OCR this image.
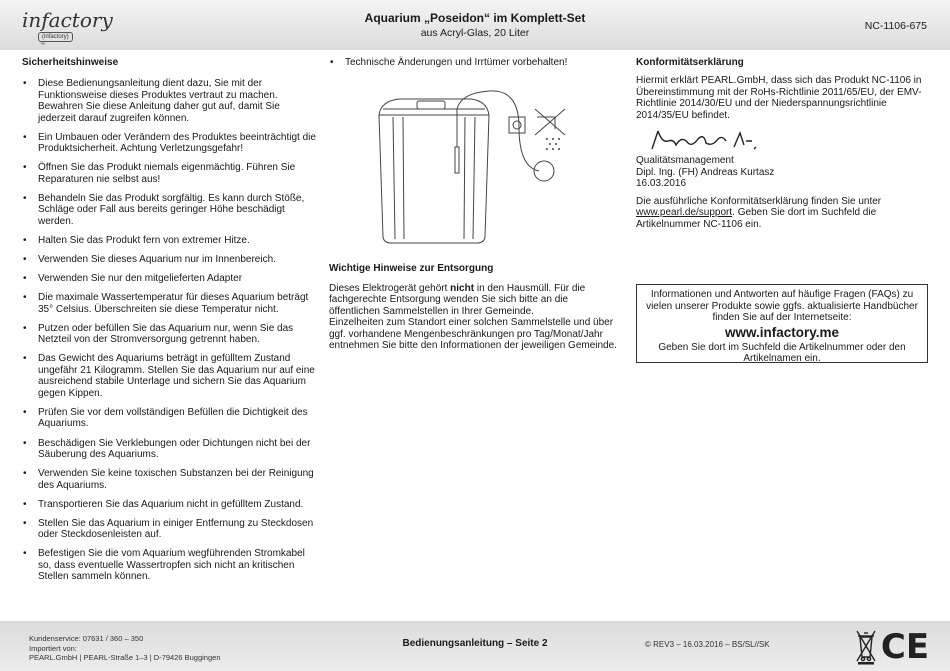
infactory
(infactory)
™
Aquarium „Poseidon“ im Komplett-Set
aus Acryl-Glas, 20 Liter
NC-1106-675
Sicherheitshinweise
• Diese Bedienungsanleitung dient dazu, Sie mit der Funktionsweise dieses Produktes vertraut zu machen. Bewahren Sie diese Anleitung daher gut auf, damit Sie jederzeit darauf zugreifen können.
• Ein Umbauen oder Verändern des Produktes beeinträchtigt die Produktsicherheit. Achtung Verletzungsgefahr!
• Öffnen Sie das Produkt niemals eigenmächtig. Führen Sie Reparaturen nie selbst aus!
• Behandeln Sie das Produkt sorgfältig. Es kann durch Stöße, Schläge oder Fall aus bereits geringer Höhe beschädigt werden.
• Halten Sie das Produkt fern von extremer Hitze.
• Verwenden Sie dieses Aquarium nur im Innenbereich.
• Verwenden Sie nur den mitgelieferten Adapter
• Die maximale Wassertemperatur für dieses Aquarium beträgt 35° Celsius. Überschreiten sie diese Temperatur nicht.
• Putzen oder befüllen Sie das Aquarium nur, wenn Sie das Netzteil von der Stromversorgung getrennt haben.
• Das Gewicht des Aquariums beträgt in gefülltem Zustand ungefähr 21 Kilogramm. Stellen Sie das Aquarium nur auf eine ausreichend stabile Unterlage und sichern Sie das Aquarium gegen Kippen.
• Prüfen Sie vor dem vollständigen Befüllen die Dichtigkeit des Aquariums.
• Beschädigen Sie Verklebungen oder Dichtungen nicht bei der Säuberung des Aquariums.
• Verwenden Sie keine toxischen Substanzen bei der Reinigung des Aquariums.
• Transportieren Sie das Aquarium nicht in gefülltem Zustand.
• Stellen Sie das Aquarium in einiger Entfernung zu Steckdosen oder Steckdosenleisten auf.
• Befestigen Sie die vom Aquarium wegführenden Stromkabel so, dass eventuelle Wassertropfen sich nicht an kritischen Stellen sammeln können.
• Technische Änderungen und Irrtümer vorbehalten!
Wichtige Hinweise zur Entsorgung

Dieses Elektrogerät gehört nicht in den Hausmüll. Für die fachgerechte Entsorgung wenden Sie sich bitte an die öffentlichen Sammelstellen in Ihrer Gemeinde.

Einzelheiten zum Standort einer solchen Sammelstelle und über ggf. vorhandene Mengenbeschränkungen pro Tag/Monat/Jahr entnehmen Sie bitte den Informationen der jeweiligen Gemeinde.

Konformitätserklärung

Hiermit erklärt PEARL.GmbH, dass sich das Produkt NC-1106 in Übereinstimmung mit der RoHs-Richtlinie 2011/65/EU, der EMV-Richtlinie 2014/30/EU und der Niederspannungsrichtlinie 2014/35/EU befindet.

Qualitätsmanagement

Dipl. Ing. (FH) Andreas Kurtasz

16.03.2016

Die ausführliche Konformitätserklärung finden Sie unter www.pearl.de/support. Geben Sie dort im Suchfeld die Artikelnummer NC-1106 ein.

Informationen und Antworten auf häufige Fragen (FAQs) zu vielen unserer Produkte sowie ggfs. aktualisierte Handbücher finden Sie auf der Internetseite:
www.infactory.me
Geben Sie dort im Suchfeld die Artikelnummer oder den Artikelnamen ein.
Kundenservice: 07631 / 360 – 350
Importiert von:
PEARL.GmbH | PEARL-Straße 1–3 | D-79426 Buggingen
Bedienungsanleitung – Seite 2	© REV3 – 16.03.2016 – BS/SL//SK	CE
